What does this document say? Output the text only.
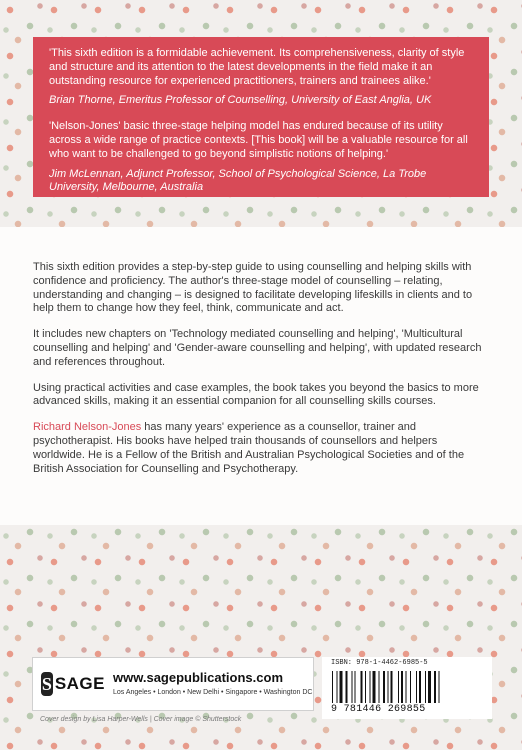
'This sixth edition is a formidable achievement. Its comprehensiveness, clarity of style and structure and its attention to the latest developments in the field make it an outstanding resource for experienced practitioners, trainers and trainees alike.'

Brian Thorne, Emeritus Professor of Counselling, University of East Anglia, UK

'Nelson-Jones' basic three-stage helping model has endured because of its utility across a wide range of practice contexts. [This book] will be a valuable resource for all who want to be challenged to go beyond simplistic notions of helping.'

Jim McLennan, Adjunct Professor, School of Psychological Science, La Trobe University, Melbourne, Australia

This sixth edition provides a step-by-step guide to using counselling and helping skills with confidence and proficiency. The author's three-stage model of counselling – relating, understanding and changing – is designed to facilitate developing lifeskills in clients and to help them to change how they feel, think, communicate and act.

It includes new chapters on 'Technology mediated counselling and helping', 'Multicultural counselling and helping' and 'Gender-aware counselling and helping', with updated research and references throughout.

Using practical activities and case examples, the book takes you beyond the basics to more advanced skills, making it an essential companion for all counselling skills courses.

Richard Nelson-Jones has many years' experience as a counsellor, trainer and psychotherapist. His books have helped train thousands of counsellors and helpers worldwide. He is a Fellow of the British and Australian Psychological Societies and of the British Association for Counselling and Psychotherapy.

S SAGE www.sagepublications.com
Los Angeles • London • New Delhi • Singapore • Washington DC
ISBN: 978-1-4462-6985-5
9 781446 269855
Cover design by Lisa Harper-Wells | Cover image © Shutterstock
